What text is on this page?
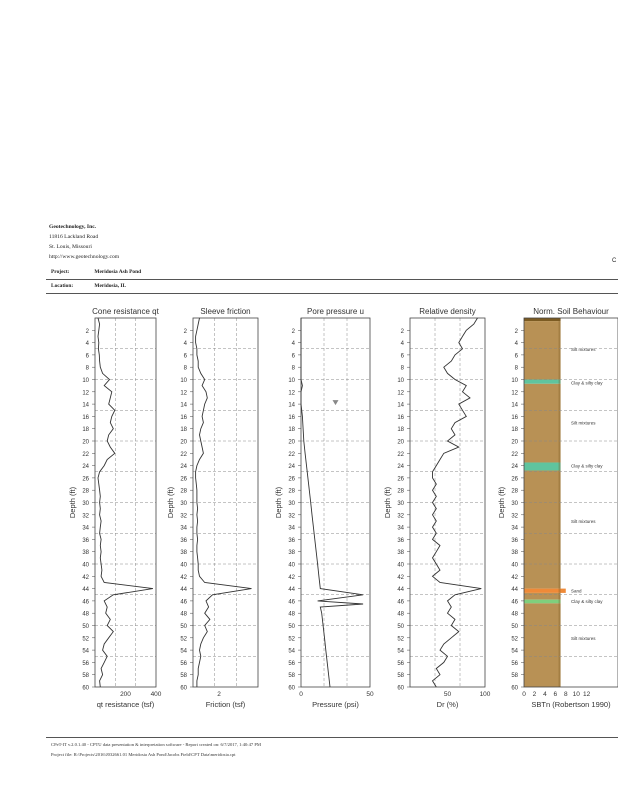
Geotechnology, Inc.
11816 Lackland Road
St. Louis, Missouri
http://www.geotechnology.com
C
Project:	Meridosia Ash Pond
Location:	Meridosia, IL
Cone resistance qt
2
4
6
8
10
12
14
16
18
20
22
24
26
28
30
32
34
36
38
40
42
44
46
48
50
52
54
56
58
60
Depth (ft)
200	400
qt resistance (tsf)
Sleeve friction
2
4
6
8
10
12
14
16
18
20
22
24
26
28
30
32
34
36
38
40
42
44
46
48
50
52
54
56
58
60
Depth (ft)
2
Friction (tsf)
Pore pressure u
2
4
6
8
10
12
14
16
18
20
22
24
26
28
30
32
34
36
38
40
42
44
46
48
50
52
54
56
58
60
Depth (ft)
0	50
Pressure (psi)
Relative density
2
4
6
8
10
12
14
16
18
20
22
24
26
28
30
32
34
36
38
40
42
44
46
48
50
52
54
56
58
60
Depth (ft)
50	100
Dr (%)
Norm. Soil Behaviour
Silt mixtures
Clay & silty clay
Silt mixtures
Clay & silty clay
Silt mixtures
Sand
Clay & silty clay
Silt mixtures
2
4
6
8
10
12
14
16
18
20
22
24
26
28
30
32
34
36
38
40
42
44
46
48
50
52
54
56
58
60
Depth (ft)
0 2 4 6 8 10 12
SBTn (Robertson 1990)
CPeT-IT v.2.0.1.40 - CPTU data presentation & interpretation software - Report created on: 6/7/2017, 1:40:47 PM
Project file: R:\Projects\2016\J032661.01 Meridosia Ash Pond\Jacobs Field\CPT Data\meridosia.cpt
